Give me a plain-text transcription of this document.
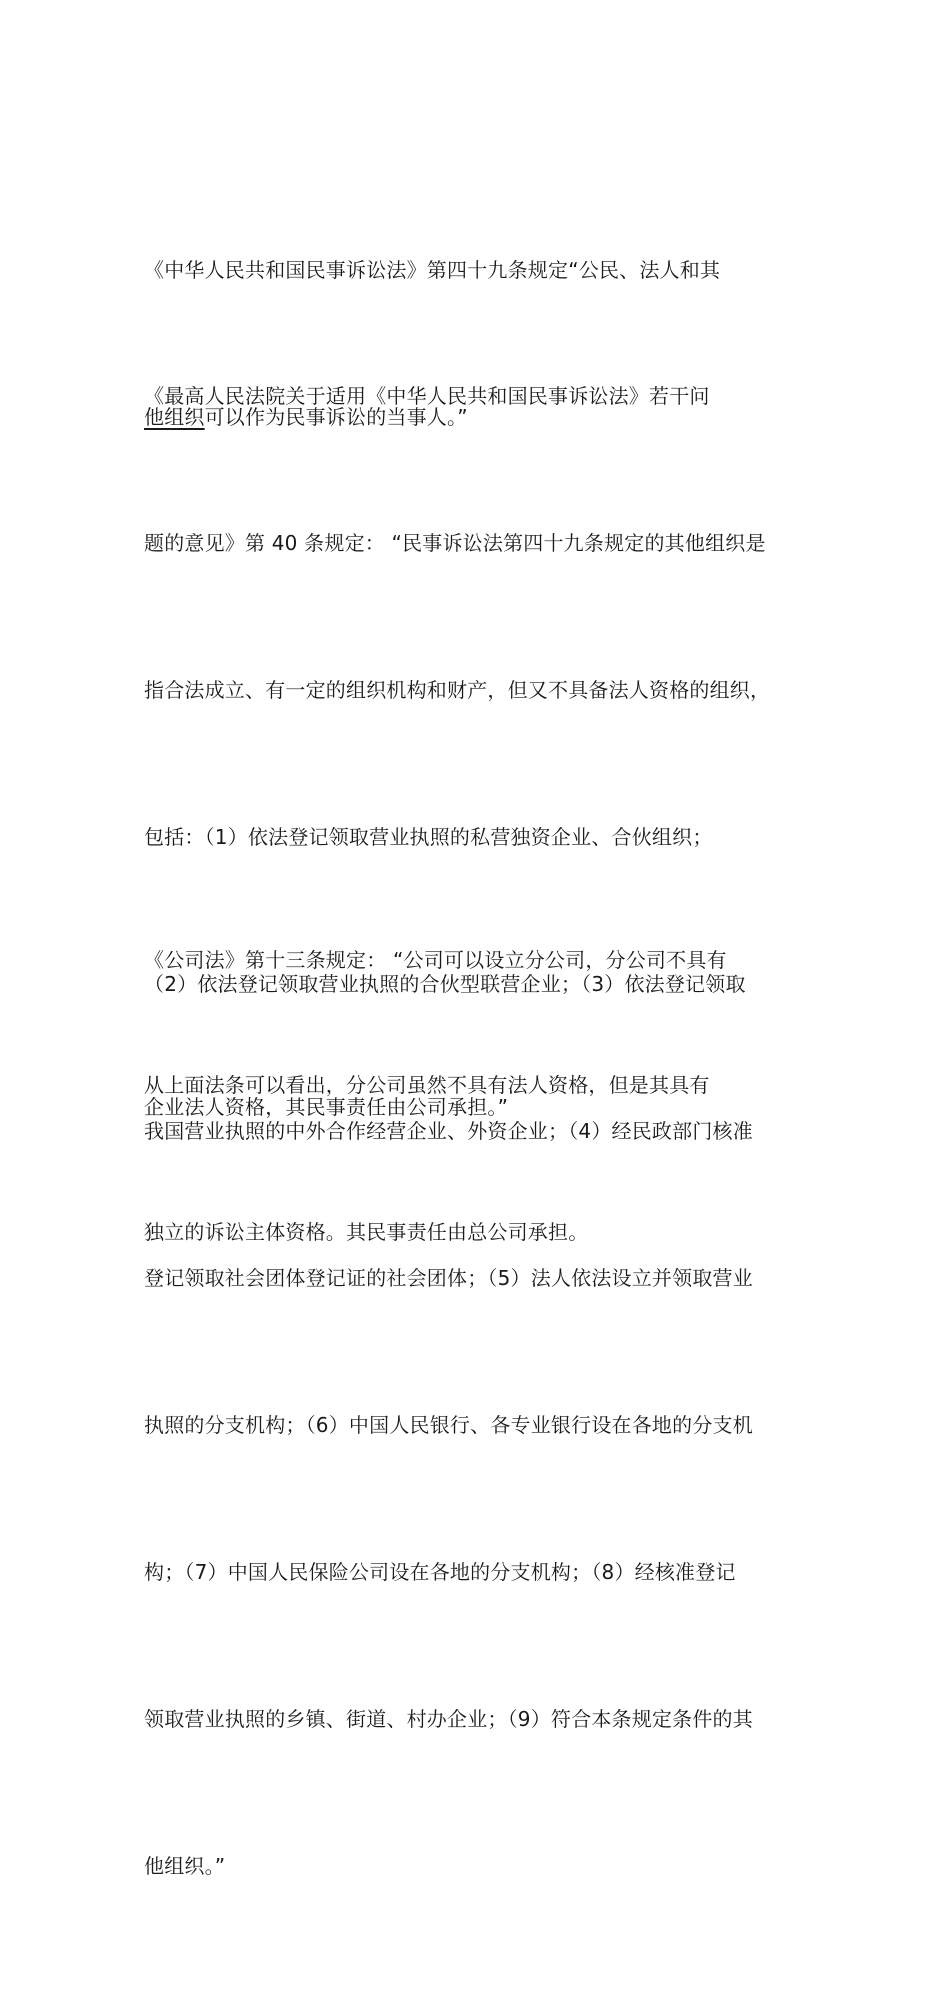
《中华人民共和国民事诉讼法》第四十九条规定“公民、法人和其

他组织可以作为民事诉讼的当事人。”

《最高人民法院关于适用《中华人民共和国民事诉讼法》若干问

题的意见》第 40 条规定： “民事诉讼法第四十九条规定的其他组织是

指合法成立、有一定的组织机构和财产，但又不具备法人资格的组织，

包括：（1）依法登记领取营业执照的私营独资企业、合伙组织；

（2）依法登记领取营业执照的合伙型联营企业；（3）依法登记领取

我国营业执照的中外合作经营企业、外资企业；（4）经民政部门核准

登记领取社会团体登记证的社会团体；（5）法人依法设立并领取营业

执照的分支机构；（6）中国人民银行、各专业银行设在各地的分支机

构；（7）中国人民保险公司设在各地的分支机构；（8）经核准登记

领取营业执照的乡镇、街道、村办企业；（9）符合本条规定条件的其

他组织。”

《公司法》第十三条规定： “公司可以设立分公司，分公司不具有

企业法人资格，其民事责任由公司承担。”

从上面法条可以看出，分公司虽然不具有法人资格，但是其具有

独立的诉讼主体资格。其民事责任由总公司承担。
